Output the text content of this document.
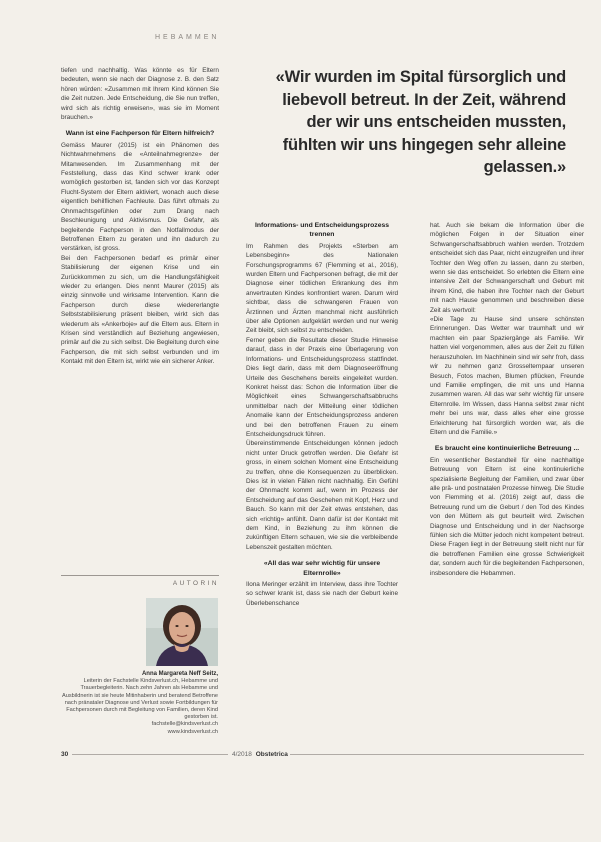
HEBAMMEN

tiefen und nachhaltig. Was könnte es für Eltern bedeuten, wenn sie nach der Diagnose z. B. den Satz hören würden: «Zusammen mit Ihrem Kind können Sie die Zeit nutzen. Jede Entscheidung, die Sie nun treffen, wird sich als richtig erweisen», was sie im Moment brauchen.»

Wann ist eine Fachperson für Eltern hilfreich?

Gemäss Maurer (2015) ist ein Phänomen des Nichtwahrnehmens die «Anteilnahmegrenze» der Mitanwesenden. Im Zusammenhang mit der Feststellung, dass das Kind schwer krank oder womöglich gestorben ist, fanden sich vor das Konzept Flucht-System der Eltern aktiviert, wonach auch diese eigentlich behilflichen Fachleute. Das führt oftmals zu Ohnmachtsgefühlen oder zum Drang nach Beschleunigung und Aktivismus. Die Gefahr, als begleitende Fachperson in den Notfallmodus der Betroffenen Eltern zu geraten und ihn dadurch zu verstärken, ist gross.

Bei den Fachpersonen bedarf es primär einer Stabilisierung der eigenen Krise und ein Zurückkommen zu sich, um die Handlungsfähigkeit wieder zu erlangen. Dies nennt Maurer (2015) als einzig sinnvolle und wirksame Intervention. Kann die Fachperson durch diese wiedererlangte Selbststabilisierung präsent bleiben, wirkt sich das wiederum als «Ankerboje» auf die Eltern aus. Eltern in Krisen sind verständlich auf Beziehung angewiesen, primär auf die zu sich selbst. Die Begleitung durch eine Fachperson, die mit sich selbst verbunden und im Kontakt mit den Eltern ist, wirkt wie ein sicherer Anker.

«Wir wurden im Spital fürsorglich und liebevoll betreut. In der Zeit, während der wir uns entscheiden mussten, fühlten wir uns hingegen sehr alleine gelassen.»
Informations- und Entscheidungsprozess trennen

Im Rahmen des Projekts «Sterben am Lebensbeginn» des Nationalen Forschungsprogramms 67 (Flemming et al., 2016), wurden Eltern und Fachpersonen befragt, die mit der Diagnose einer tödlichen Erkrankung des ihm anvertrauten Kindes konfrontiert waren. Darum wird sichtbar, dass die schwangeren Frauen von Ärztinnen und Ärzten manchmal nicht ausführlich über alle Optionen aufgeklärt werden und nur wenig Zeit bleibt, sich selbst zu entscheiden.

Ferner geben die Resultate dieser Studie Hinweise darauf, dass in der Praxis eine Überlagerung von Informations- und Entscheidungsprozess stattfindet. Dies liegt darin, dass mit dem Diagnoseeröffnung Urteile des Geschehens bereits eingeleitet wurden. Konkret heisst das: Schon die Information über die Möglichkeit eines Schwangerschaftsabbruchs unmittelbar nach der Mitteilung einer tödlichen Anomalie kann der Entscheidungsprozess anderen und bei den betroffenen Frauen zu einem Entscheidungsdruck führen.

Übereinstimmende Entscheidungen können jedoch nicht unter Druck getroffen werden. Die Gefahr ist gross, in einem solchen Moment eine Entscheidung zu treffen, ohne die Konsequenzen zu überblicken. Dies ist in vielen Fällen nicht nachhaltig. Ein Gefühl der Ohnmacht kommt auf, wenn im Prozess der Entscheidung auf das Geschehen mit Kopf, Herz und Bauch. So kann mit der Zeit etwas entstehen, das sich «richtig» anfühlt. Dann dafür ist der Kontakt mit dem Kind, in Beziehung zu ihm können die zukünftigen Eltern schauen, wie sie die verbleibende Lebenszeit gestalten möchten.

«All das war sehr wichtig für unsere Elternrolle»

Ilona Meringer erzählt im Interview, dass ihre Tochter so schwer krank ist, dass sie nach der Geburt keine Überlebenschance

hat. Auch sie bekam die Information über die möglichen Folgen in der Situation einer Schwangerschaftsabbruch wahlen werden. Trotzdem entscheidet sich das Paar, nicht einzugreifen und ihrer Tochter den Weg offen zu lassen, dann zu sterben, wenn sie das entscheidet. So erlebten die Eltern eine intensive Zeit der Schwangerschaft und Geburt mit ihrem Kind, die haben ihre Tochter nach der Geburt mit nach Hause genommen und beschreiben diese Zeit als wertvoll:

«Die Tage zu Hause sind unsere schönsten Erinnerungen. Das Wetter war traumhaft und wir machten ein paar Spaziergänge als Familie. Wir hatten viel vorgenommen, alles aus der Zeit zu füllen herauszuholen. Im Nachhinein sind wir sehr froh, dass wir zu nehmen ganz Grosselternpaar unseren Besuch, Fotos machen, Blumen pflücken, Freunde und Familie empfingen, die mit uns und Hanna zusammen waren. All das war sehr wichtig für unsere Elternrolle. Im Wissen, dass Hanna selbst zwar nicht mehr bei uns war, dass alles eher eine grosse Erleichterung hat fürsorglich worden war, als die Eltern und die Familie.»

Es braucht eine kontinuierliche Betreuung ...

Ein wesentlicher Bestandteil für eine nachhaltige Betreuung von Eltern ist eine kontinuierliche spezialisierte Begleitung der Familien, und zwar über alle prä- und postnatalen Prozesse hinweg. Die Studie von Flemming et al. (2016) zeigt auf, dass die Betreuung rund um die Geburt / den Tod des Kindes von den Müttern als gut beurteilt wird. Zwischen Diagnose und Entscheidung und in der Nachsorge fühlen sich die Mütter jedoch nicht kompetent betreut. Diese Fragen liegt in der Betreuung stellt nicht nur für die betroffenen Familien eine grosse Schwierigkeit dar, sondern auch für die begleitenden Fachpersonen, insbesondere die Hebammen.

AUTORIN
Anna Margareta Neff Seitz,
Leiterin der Fachstelle Kindsverlust.ch, Hebamme und Trauerbegleiterin. Nach zehn Jahren als Hebamme und Ausbildnerin ist sie heute Mitinhaberin und beratend Betroffene nach pränataler Diagnose und Verlust sowie Fortbildungen für Fachpersonen durch mit Begleitung von Familien, deren Kind gestorben ist.
fachstelle@kindsverlust.ch
www.kindsverlust.ch
30	4/2018 Obstetrica
